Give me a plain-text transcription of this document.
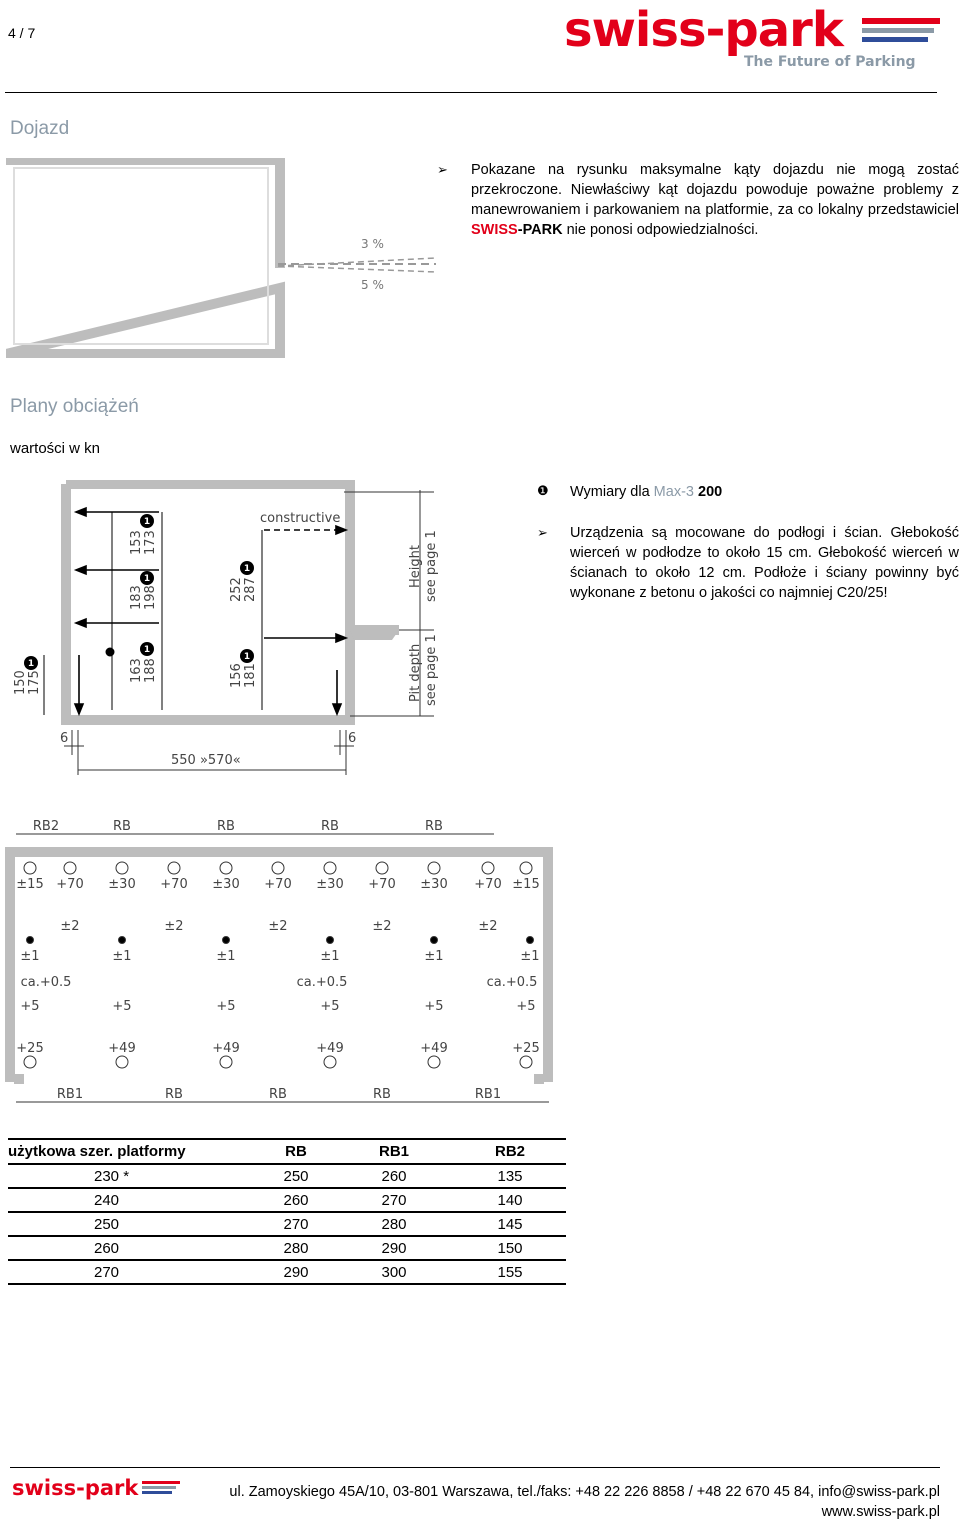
4 / 7	swiss-park
The Future of Parking
Dojazd
3 %
5 %
➢ Pokazane na rysunku maksymalne kąty dojazdu nie mogą zostać przekroczone. Niewłaściwy kąt dojazdu powoduje poważne problemy z manewrowaniem i parkowaniem na platformie, za co lokalny przedstawiciel SWISS-PARK nie ponosi odpowiedzialności.
Plany obciążeń
wartości w kn
constructive
153 173
183 198
163 188
252 287
156 181
150 175
Height see page 1
Pit depth see page 1
1
1
1
1
1
1
6	6
550 »570«
❶ Wymiary dla Max-3 200
➢ Urządzenia są mocowane do podłogi i ścian. Głebokość wierceń w podłodze to około 15 cm. Głebokość wierceń w ścianach to około 12 cm. Podłoże i ściany powinny być wykonane z betonu o jakości co najmniej C20/25!
RB2	RB	RB	RB	RB
RB1	RB	RB	RB	RB1
±15 +70 ±30 +70 ±30 +70 ±30 +70 ±30 +70 ±15
±2	±2	±2	±2	±2
±1	±1	±1	±1	±1	±1
ca.+0.5	ca.+0.5	ca.+0.5
+5	+5	+5	+5	+5	+5
+25	+49	+49	+49	+49	+25
użytkowa szer. platformy	RB	RB1	RB2
230 *	250	260	135
240	260	270	140
250	270	280	145
260	280	290	150
270	290	300	155
swiss-park	ul. Zamoyskiego 45A/10, 03-801 Warszawa, tel./faks: +48 22 226 8858 / +48 22 670 45 84, info@swiss-park.pl
www.swiss-park.pl
